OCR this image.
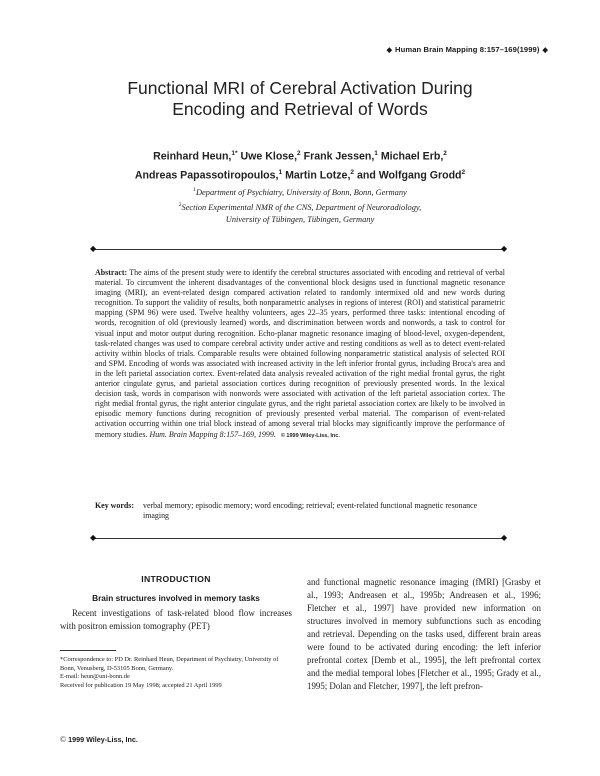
◆ Human Brain Mapping 8:157–169(1999) ◆
Functional MRI of Cerebral Activation During
Encoding and Retrieval of Words
Reinhard Heun,$^{1*}$ Uwe Klose,$^2$ Frank Jessen,$^1$ Michael Erb,$^2$
Andreas Papassotiropoulos,$^1$ Martin Lotze,$^2$ and Wolfgang Grodd$^2$
$^1$Department of Psychiatry, University of Bonn, Bonn, Germany
$^2$Section Experimental NMR of the CNS, Department of Neuroradiology,
University of Tübingen, Tübingen, Germany
◆	◆
Abstract: The aims of the present study were to identify the cerebral structures associated with encoding and retrieval of verbal material. To circumvent the inherent disadvantages of the conventional block designs used in functional magnetic resonance imaging (MRI), an event-related design compared activation related to randomly intermixed old and new words during recognition. To support the validity of results, both nonparametric analyses in regions of interest (ROI) and statistical parametric mapping (SPM 96) were used. Twelve healthy volunteers, ages 22–35 years, performed three tasks: intentional encoding of words, recognition of old (previously learned) words, and discrimination between words and nonwords, a task to control for visual input and motor output during recognition. Echo-planar magnetic resonance imaging of blood-level, oxygen-dependent, task-related changes was used to compare cerebral activity under active and resting conditions as well as to detect event-related activity within blocks of trials. Comparable results were obtained following nonparametric statistical analysis of selected ROI and SPM. Encoding of words was associated with increased activity in the left inferior frontal gyrus, including Broca's area and in the left parietal association cortex. Event-related data analysis revealed activation of the right medial frontal gyrus, the right anterior cingulate gyrus, and parietal association cortices during recognition of previously presented words. In the lexical decision task, words in comparison with nonwords were associated with activation of the left parietal association cortex. The right medial frontal gyrus, the right anterior cingulate gyrus, and the right parietal association cortex are likely to be involved in episodic memory functions during recognition of previously presented verbal material. The comparison of event-related activation occurring within one trial block instead of among several trial blocks may significantly improve the performance of memory studies. Hum. Brain Mapping 8:157–169, 1999. © 1999 Wiley-Liss, Inc.
Key words: verbal memory; episodic memory; word encoding; retrieval; event-related functional magnetic resonance imaging
◆	◆
INTRODUCTION
Brain structures involved in memory tasks
Recent investigations of task-related blood flow increases with positron emission tomography (PET)
*Correspondence to: PD Dr. Reinhard Heun, Department of Psychiatry, University of Bonn, Venusberg, D-53105 Bonn, Germany.
E-mail: heun@uni-bonn.de
Received for publication 19 May 1998; accepted 21 April 1999
and functional magnetic resonance imaging (fMRI) [Grasby et al., 1993; Andreasen et al., 1995b; Andreasen et al., 1996; Fletcher et al., 1997] have provided new information on structures involved in memory subfunctions such as encoding and retrieval. Depending on the tasks used, different brain areas were found to be activated during encoding: the left inferior prefrontal cortex [Demb et al., 1995], the left prefrontal cortex and the medial temporal lobes [Fletcher et al., 1995; Grady et al., 1995; Dolan and Fletcher, 1997], the left prefron-
© 1999 Wiley-Liss, Inc.
